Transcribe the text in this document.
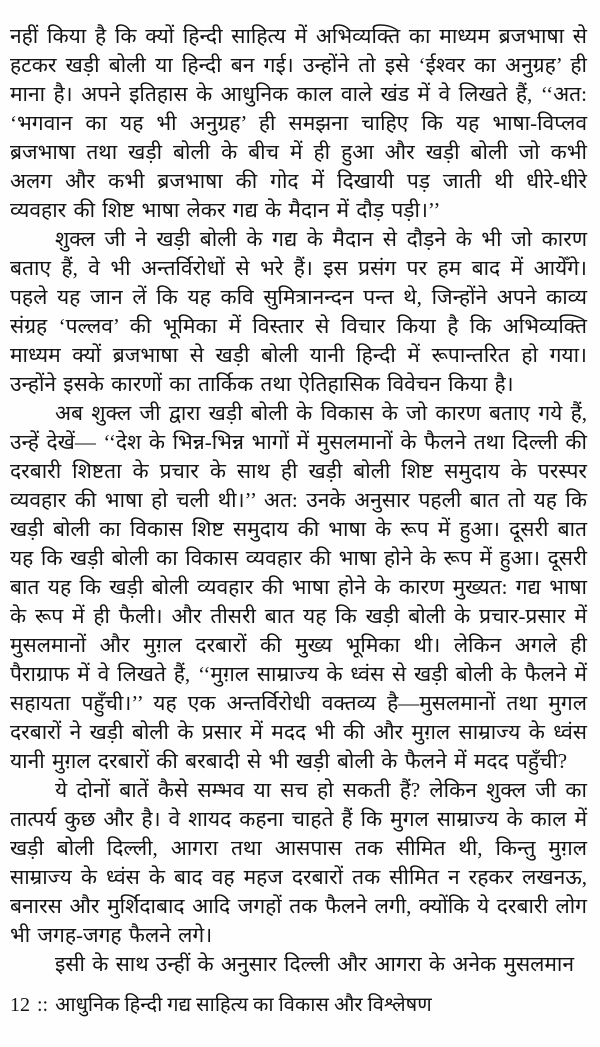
नहीं किया है कि क्यों हिन्दी साहित्य में अभिव्यक्ति का माध्यम ब्रजभाषा से हटकर खड़ी बोली या हिन्दी बन गई। उन्होंने तो इसे ‘ईश्वर का अनुग्रह’ ही माना है। अपने इतिहास के आधुनिक काल वाले खंड में वे लिखते हैं, ‘‘अत: ‘भगवान का यह भी अनुग्रह’ ही समझना चाहिए कि यह भाषा-विप्लव ब्रजभाषा तथा खड़ी बोली के बीच में ही हुआ और खड़ी बोली जो कभी अलग और कभी ब्रजभाषा की गोद में दिखायी पड़ जाती थी धीरे-धीरे व्यवहार की शिष्ट भाषा लेकर गद्य के मैदान में दौड़ पड़ी।’’

शुक्ल जी ने खड़ी बोली के गद्य के मैदान से दौड़ने के भी जो कारण बताए हैं, वे भी अन्तर्विरोधों से भरे हैं। इस प्रसंग पर हम बाद में आयेँगे। पहले यह जान लें कि यह कवि सुमित्रानन्दन पन्त थे, जिन्होंने अपने काव्य संग्रह ‘पल्लव’ की भूमिका में विस्तार से विचार किया है कि अभिव्यक्ति माध्यम क्यों ब्रजभाषा से खड़ी बोली यानी हिन्दी में रूपान्तरित हो गया। उन्होंने इसके कारणों का तार्किक तथा ऐतिहासिक विवेचन किया है।

अब शुक्ल जी द्वारा खड़ी बोली के विकास के जो कारण बताए गये हैं, उन्हें देखें— ‘‘देश के भिन्न-भिन्न भागों में मुसलमानों के फैलने तथा दिल्ली की दरबारी शिष्टता के प्रचार के साथ ही खड़ी बोली शिष्ट समुदाय के परस्पर व्यवहार की भाषा हो चली थी।’’ अत: उनके अनुसार पहली बात तो यह कि खड़ी बोली का विकास शिष्ट समुदाय की भाषा के रूप में हुआ। दूसरी बात यह कि खड़ी बोली का विकास व्यवहार की भाषा होने के रूप में हुआ। दूसरी बात यह कि खड़ी बोली व्यवहार की भाषा होने के कारण मुख्यत: गद्य भाषा के रूप में ही फैली। और तीसरी बात यह कि खड़ी बोली के प्रचार-प्रसार में मुसलमानों और मुग़ल दरबारों की मुख्य भूमिका थी। लेकिन अगले ही पैराग्राफ में वे लिखते हैं, ‘‘मुग़ल साम्राज्य के ध्वंस से खड़ी बोली के फैलने में सहायता पहुँची।’’ यह एक अन्तर्विरोधी वक्तव्य है—मुसलमानों तथा मुगल दरबारों ने खड़ी बोली के प्रसार में मदद भी की और मुग़ल साम्राज्य के ध्वंस यानी मुग़ल दरबारों की बरबादी से भी खड़ी बोली के फैलने में मदद पहुँची?

ये दोनों बातें कैसे सम्भव या सच हो सकती हैं? लेकिन शुक्ल जी का तात्पर्य कुछ और है। वे शायद कहना चाहते हैं कि मुगल साम्राज्य के काल में खड़ी बोली दिल्ली, आगरा तथा आसपास तक सीमित थी, किन्तु मुग़ल साम्राज्य के ध्वंस के बाद वह महज दरबारों तक सीमित न रहकर लखनऊ, बनारस और मुर्शिदाबाद आदि जगहों तक फैलने लगी, क्योंकि ये दरबारी लोग भी जगह-जगह फैलने लगे।

इसी के साथ उन्हीं के अनुसार दिल्ली और आगरा के अनेक मुसलमान

12 :: आधुनिक हिन्दी गद्य साहित्य का विकास और विश्लेषण
